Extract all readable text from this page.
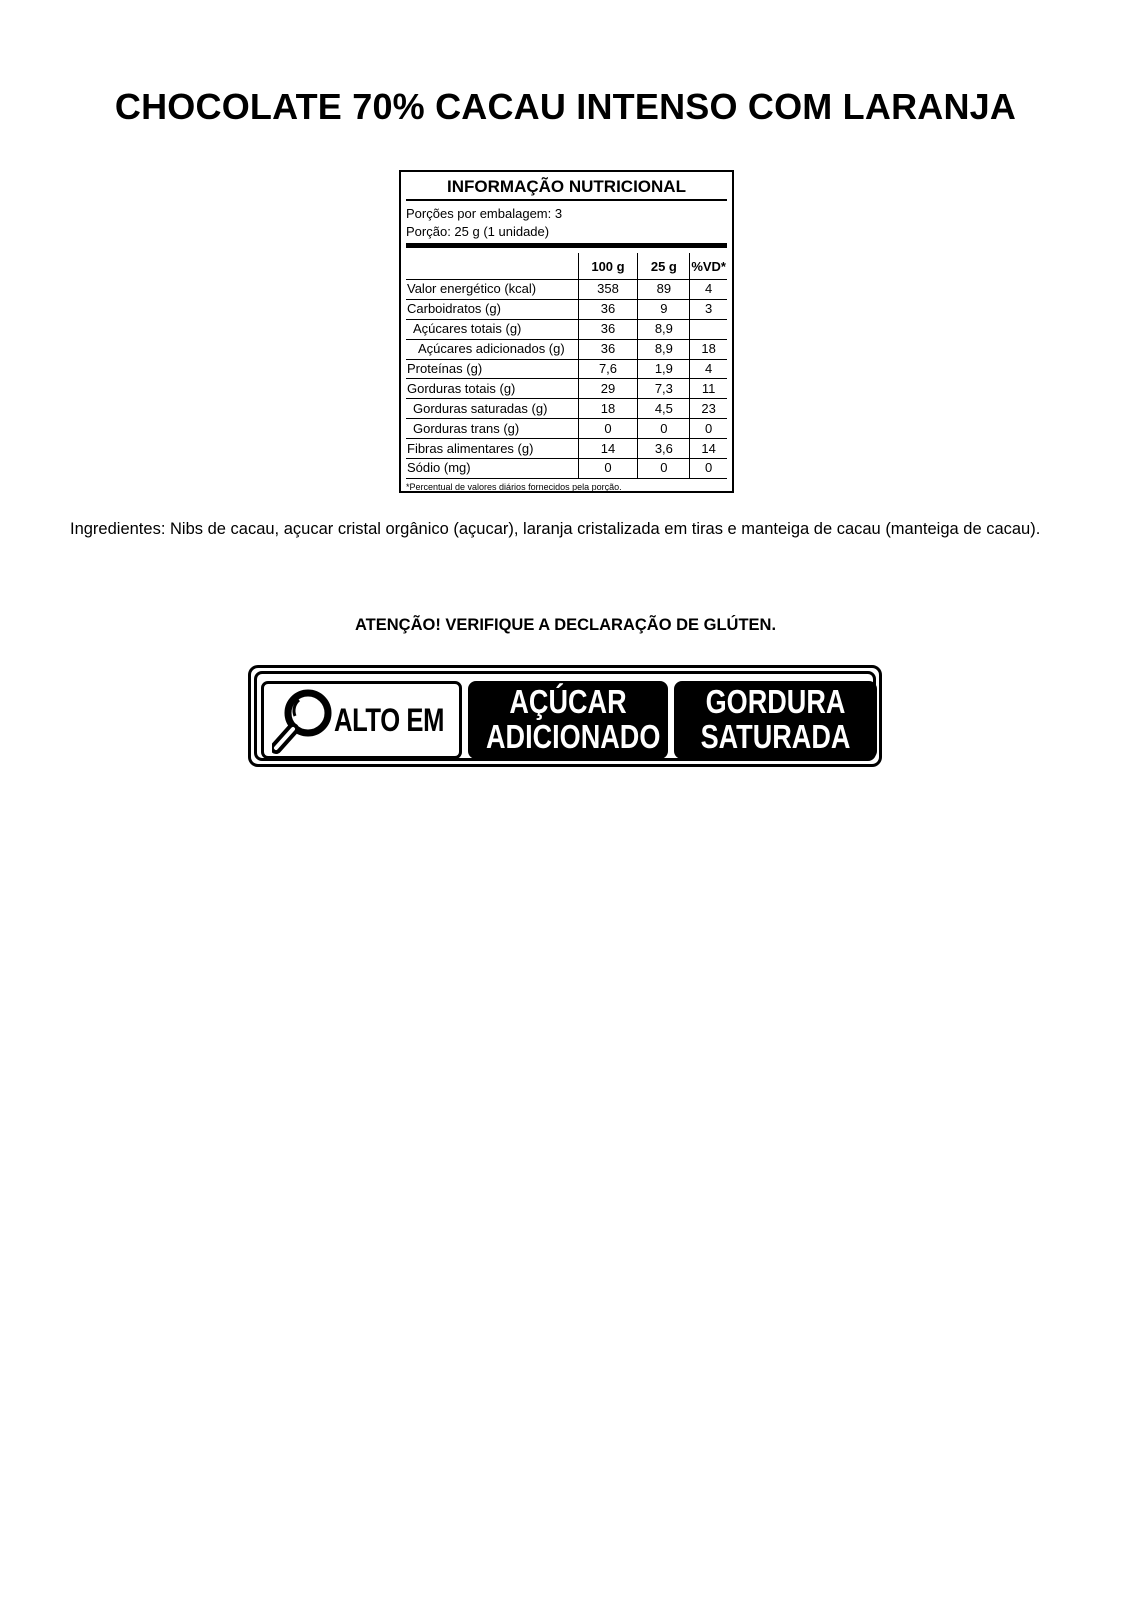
CHOCOLATE 70% CACAU INTENSO COM LARANJA
INFORMAÇÃO NUTRICIONAL
Porções por embalagem: 3
Porção: 25 g (1 unidade)
	100 g	25 g	%VD*
Valor energético (kcal)	358	89	4
Carboidratos (g)	36	9	3
Açúcares totais (g)	36	8,9	
Açúcares adicionados (g)	36	8,9	18
Proteínas (g)	7,6	1,9	4
Gorduras totais (g)	29	7,3	11
Gorduras saturadas (g)	18	4,5	23
Gorduras trans (g)	0	0	0
Fibras alimentares (g)	14	3,6	14
Sódio (mg)	0	0	0
*Percentual de valores diários fornecidos pela porção.
Ingredientes: Nibs de cacau, açucar cristal orgânico (açucar), laranja cristalizada em tiras e manteiga de cacau (manteiga de cacau).
ATENÇÃO! VERIFIQUE A DECLARAÇÃO DE GLÚTEN.
ALTO EM	AÇÚCAR
ADICIONADO
GORDURA
SATURADA
